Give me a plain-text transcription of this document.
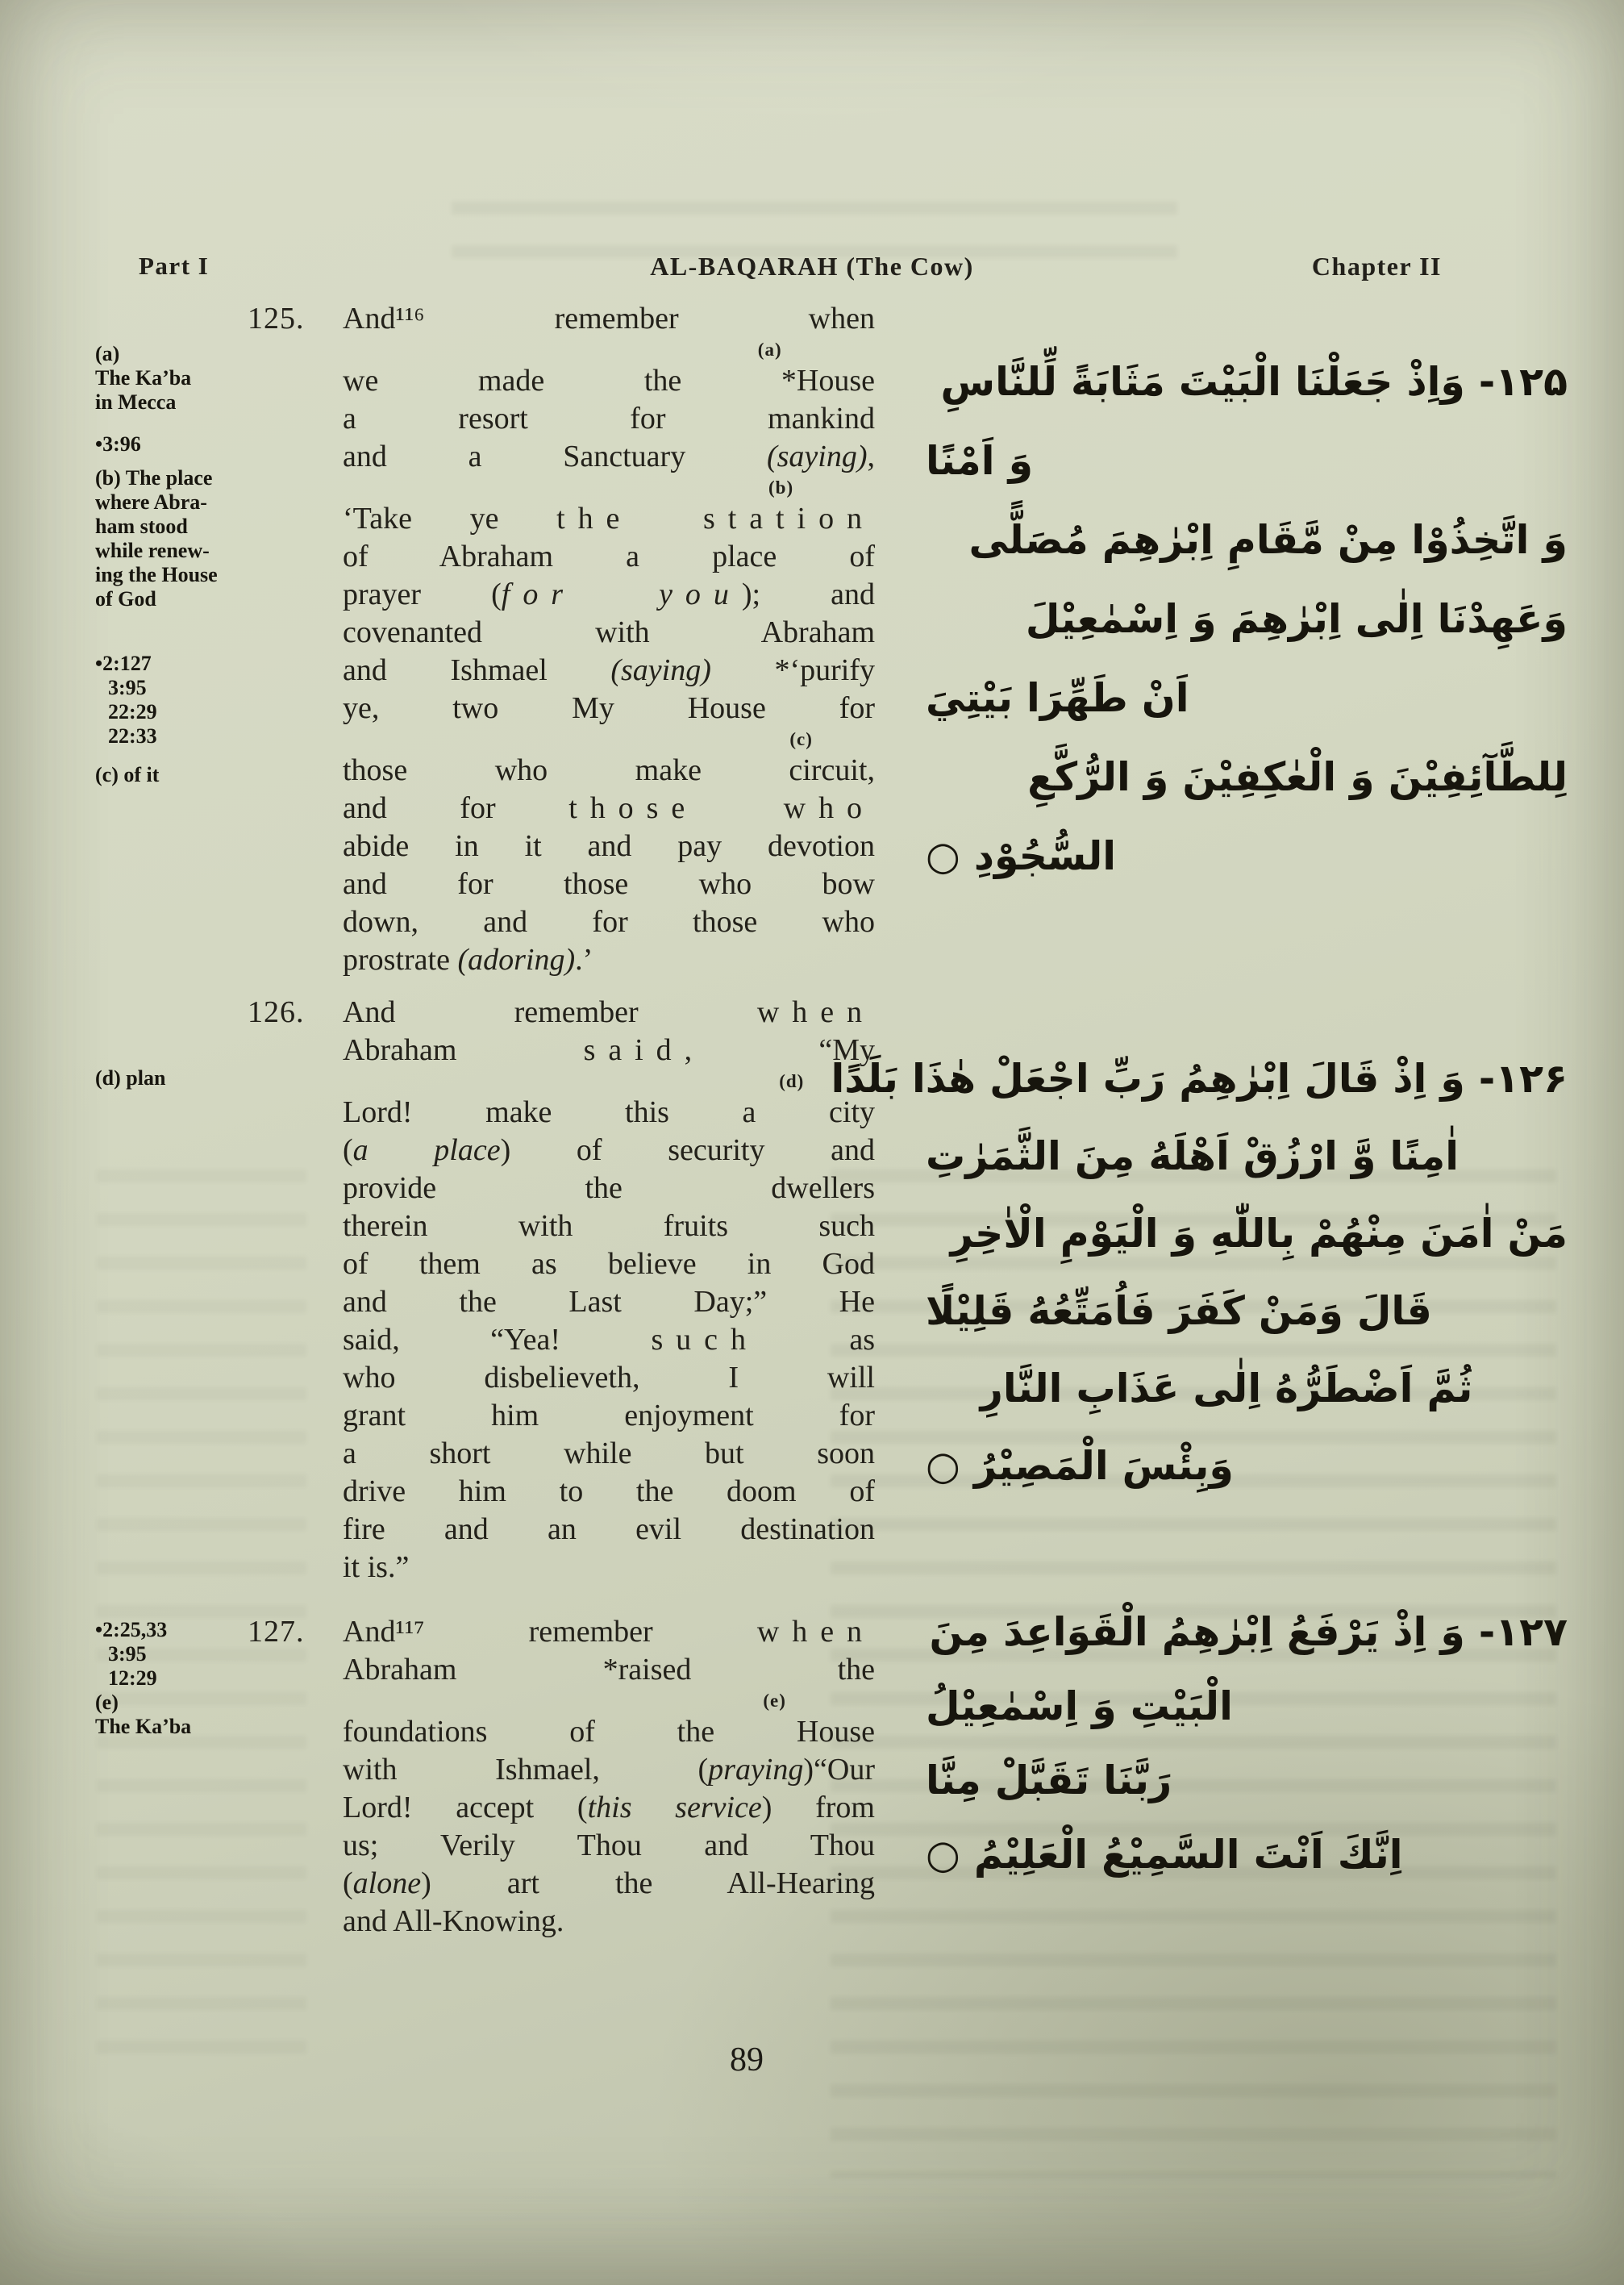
Part I	AL-BAQARAH (The Cow)	Chapter II
(a)
The Ka’ba
in Mecca
•3:96
(b) The place
where Abra-
ham stood
while renew-
ing the House
of God
•2:127
3:95
22:29
22:33
(c) of it
(d) plan
•2:25,33
3:95
12:29
(e)
The Ka’ba
125. And¹¹⁶ remember when
(a)
we made the *House
a resort for mankind
and a Sanctuary (saying),
(b)
‘Take ye the station
of Abraham a place of
prayer (for you); and
covenanted with Abraham
and Ishmael (saying) *‘purify
ye, two My House for
(c)
those who make circuit,
and for those who
abide in it and pay devotion
and for those who bow
down, and for those who
prostrate (adoring).’
۱۲۵- وَاِذْ جَعَلْنَا الْبَيْتَ مَثَابَةً لِّلنَّاسِ
وَ اَمْنًا
وَ اتَّخِذُوْا مِنْ مَّقَامِ اِبْرٰهِمَ مُصَلًّى
وَعَهِدْنَا اِلٰى اِبْرٰهِمَ وَ اِسْمٰعِيْلَ
اَنْ طَهِّرَا بَيْتِيَ
لِلطَّآئِفِيْنَ وَ الْعٰكِفِيْنَ وَ الرُّكَّعِ
السُّجُوْدِ ○
126. And remember when
Abraham said, “My
(d)
Lord! make this a city
(a place) of security and
provide the dwellers
therein with fruits such
of them as believe in God
and the Last Day;” He
said, “Yea! such as
who disbelieveth, I will
grant him enjoyment for
a short while but soon
drive him to the doom of
fire and an evil destination
it is.”
۱۲۶- وَ اِذْ قَالَ اِبْرٰهِمُ رَبِّ اجْعَلْ هٰذَا بَلَدًا
اٰمِنًا وَّ ارْزُقْ اَهْلَهُ مِنَ الثَّمَرٰتِ
مَنْ اٰمَنَ مِنْهُمْ بِاللّٰهِ وَ الْيَوْمِ الْاٰخِرِ
قَالَ وَمَنْ كَفَرَ فَاُمَتِّعُهُ قَلِيْلًا
ثُمَّ اَضْطَرُّهُ اِلٰى عَذَابِ النَّارِ
وَبِئْسَ الْمَصِيْرُ ○
127. And¹¹⁷ remember when
Abraham *raised the
(e)
foundations of the House
with Ishmael, (praying)“Our
Lord! accept (this service) from
us; Verily Thou and Thou
(alone) art the All-Hearing
and All-Knowing.
۱۲۷- وَ اِذْ يَرْفَعُ اِبْرٰهِمُ الْقَوَاعِدَ مِنَ
الْبَيْتِ وَ اِسْمٰعِيْلُ
رَبَّنَا تَقَبَّلْ مِنَّا
اِنَّكَ اَنْتَ السَّمِيْعُ الْعَلِيْمُ ○
89
